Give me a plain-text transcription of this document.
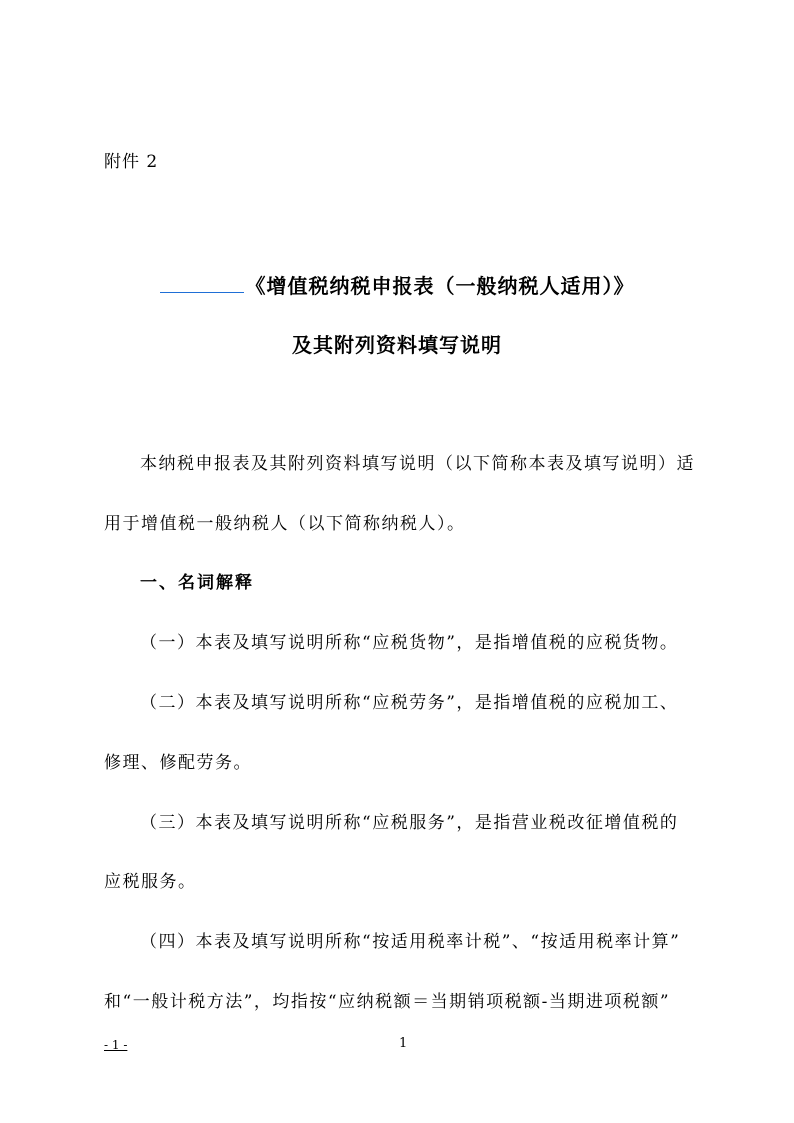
附件 2
《增值税纳税申报表（一般纳税人适用）》
及其附列资料填写说明
本纳税申报表及其附列资料填写说明（以下简称本表及填写说明）适
用于增值税一般纳税人（以下简称纳税人）。
一、名词解释
（一）本表及填写说明所称“应税货物”，是指增值税的应税货物。
（二）本表及填写说明所称“应税劳务”，是指增值税的应税加工、
修理、修配劳务。
（三）本表及填写说明所称“应税服务”，是指营业税改征增值税的
应税服务。
（四）本表及填写说明所称“按适用税率计税”、“按适用税率计算”
和“一般计税方法”，均指按“应纳税额＝当期销项税额-当期进项税额”
- 1 -	1
